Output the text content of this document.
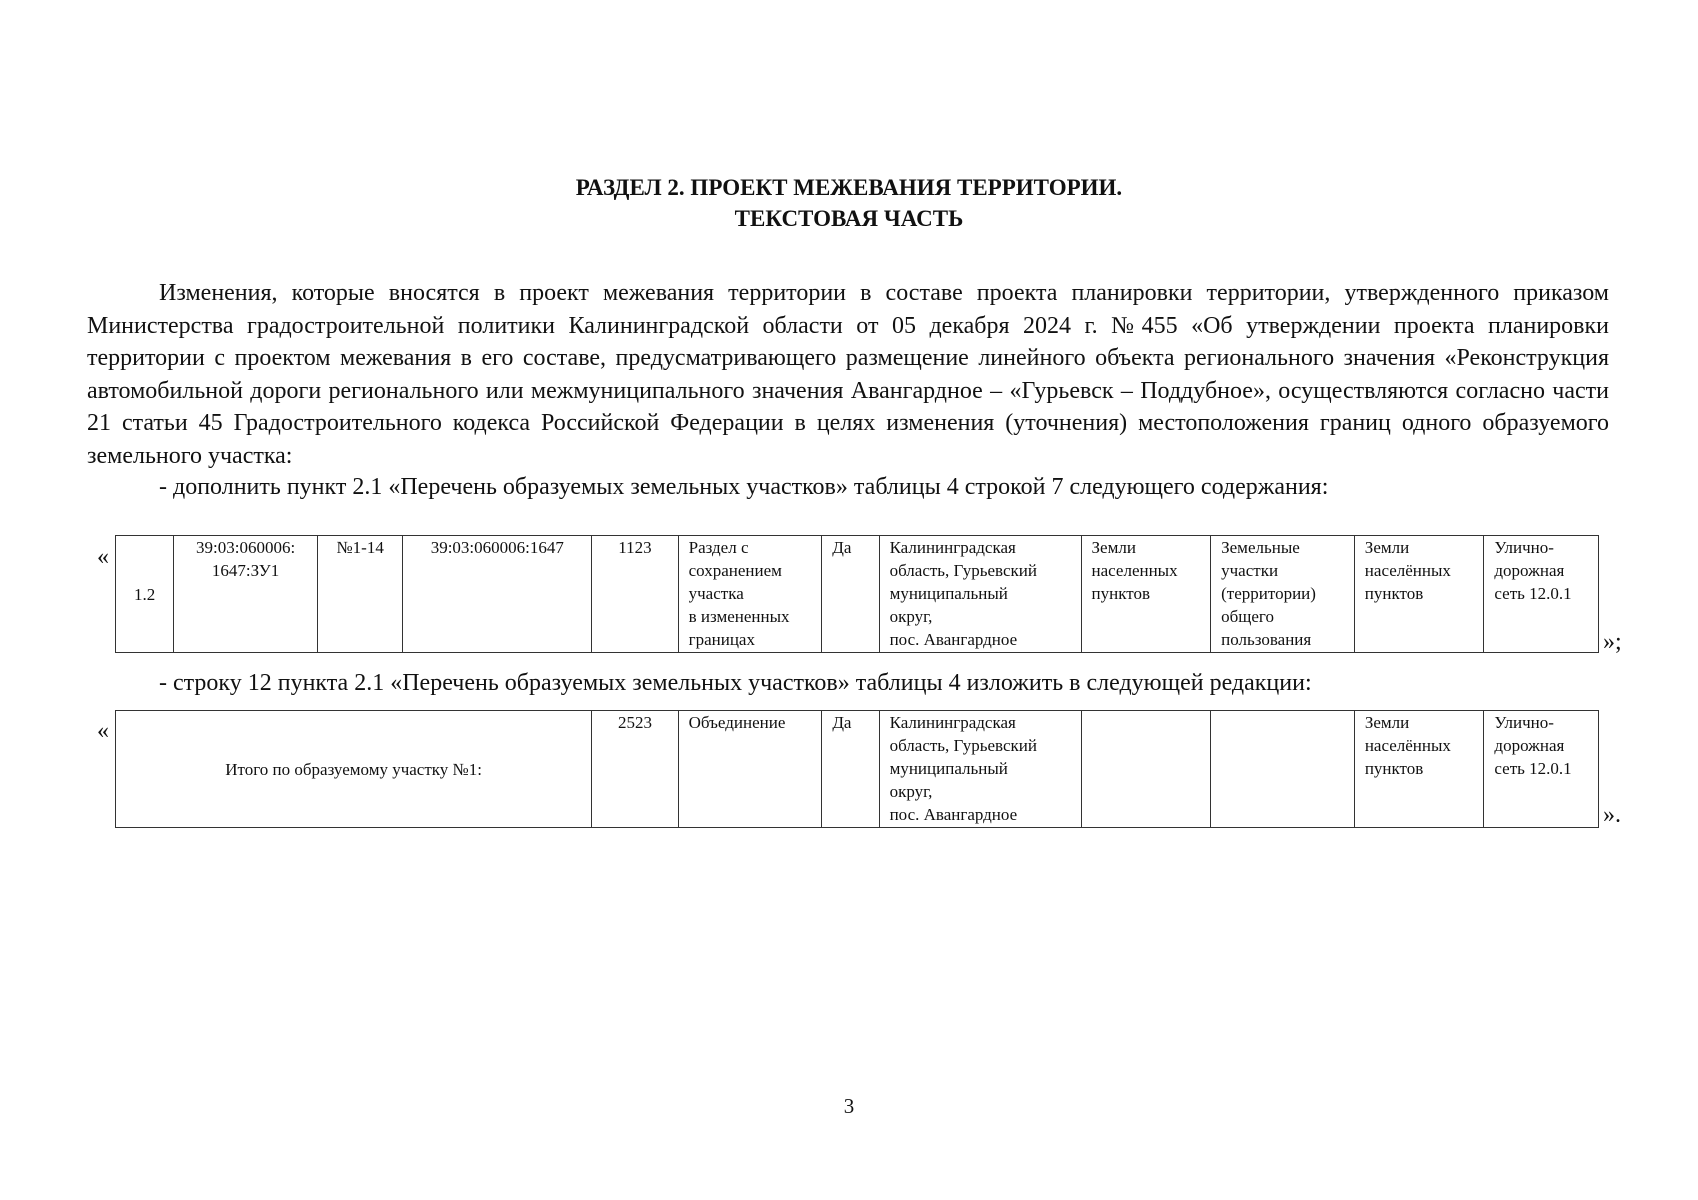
РАЗДЕЛ 2. ПРОЕКТ МЕЖЕВАНИЯ ТЕРРИТОРИИ.
ТЕКСТОВАЯ ЧАСТЬ

Изменения, которые вносятся в проект межевания территории в составе проекта планировки территории, утвержденного приказом Министерства градостроительной политики Калининградской области от 05 декабря 2024 г. №455 «Об утверждении проекта планировки территории с проектом межевания в его составе, предусматривающего размещение линейного объекта регионального значения «Реконструкция автомобильной дороги регионального или межмуниципального значения Авангардное – «Гурьевск – Поддубное», осуществляются согласно части 21 статьи 45 Градостроительного кодекса Российской Федерации в целях изменения (уточнения) местоположения границ одного образуемого земельного участка:

- дополнить пункт 2.1 «Перечень образуемых земельных участков» таблицы 4 строкой 7 следующего содержания:
«
»;
1.2	39:03:060006:
1647:ЗУ1	№1-14	39:03:060006:1647	1123	Раздел с
сохранением
участка
в измененных
границах	Да	Калининградская
область, Гурьевский
муниципальный
округ,
пос. Авангардное	Земли
населенных
пунктов	Земельные
участки
(территории)
общего
пользования	Земли
населённых
пунктов	Улично-
дорожная
сеть 12.0.1
- строку 12 пункта 2.1 «Перечень образуемых земельных участков» таблицы 4 изложить в следующей редакции:
«
».
Итого по образуемому участку №1:	2523	Объединение	Да	Калининградская
область, Гурьевский
муниципальный
округ,
пос. Авангардное			Земли
населённых
пунктов	Улично-
дорожная
сеть 12.0.1
3
